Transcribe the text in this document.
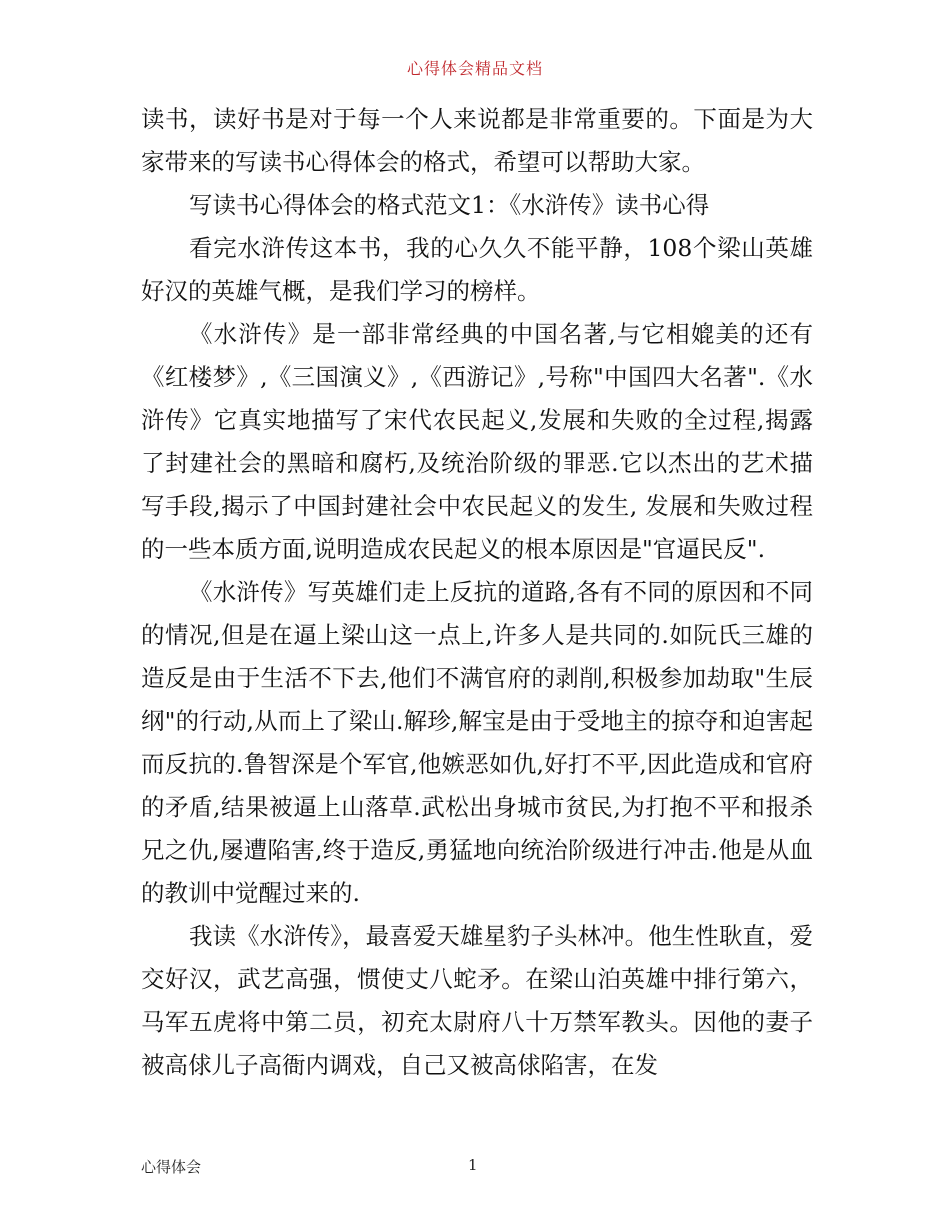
心得体会精品文档

读书，读好书是对于每一个人来说都是非常重要的。下面是为大家带来的写读书心得体会的格式，希望可以帮助大家。

写读书心得体会的格式范文1：《水浒传》读书心得

看完水浒传这本书，我的心久久不能平静，108个梁山英雄好汉的英雄气概，是我们学习的榜样。

《水浒传》是一部非常经典的中国名著,与它相媲美的还有《红楼梦》,《三国演义》,《西游记》,号称"中国四大名著".《水浒传》它真实地描写了宋代农民起义,发展和失败的全过程,揭露了封建社会的黑暗和腐朽,及统治阶级的罪恶.它以杰出的艺术描写手段,揭示了中国封建社会中农民起义的发生, 发展和失败过程的一些本质方面,说明造成农民起义的根本原因是"官逼民反".

《水浒传》写英雄们走上反抗的道路,各有不同的原因和不同的情况,但是在逼上梁山这一点上,许多人是共同的.如阮氏三雄的造反是由于生活不下去,他们不满官府的剥削,积极参加劫取"生辰纲"的行动,从而上了梁山.解珍,解宝是由于受地主的掠夺和迫害起而反抗的.鲁智深是个军官,他嫉恶如仇,好打不平,因此造成和官府的矛盾,结果被逼上山落草.武松出身城市贫民,为打抱不平和报杀兄之仇,屡遭陷害,终于造反,勇猛地向统治阶级进行冲击.他是从血的教训中觉醒过来的.

我读《水浒传》，最喜爱天雄星豹子头林冲。他生性耿直，爱交好汉，武艺高强，惯使丈八蛇矛。在梁山泊英雄中排行第六，马军五虎将中第二员，初充太尉府八十万禁军教头。因他的妻子被高俅儿子高衙内调戏，自己又被高俅陷害，在发

心得体会	1
